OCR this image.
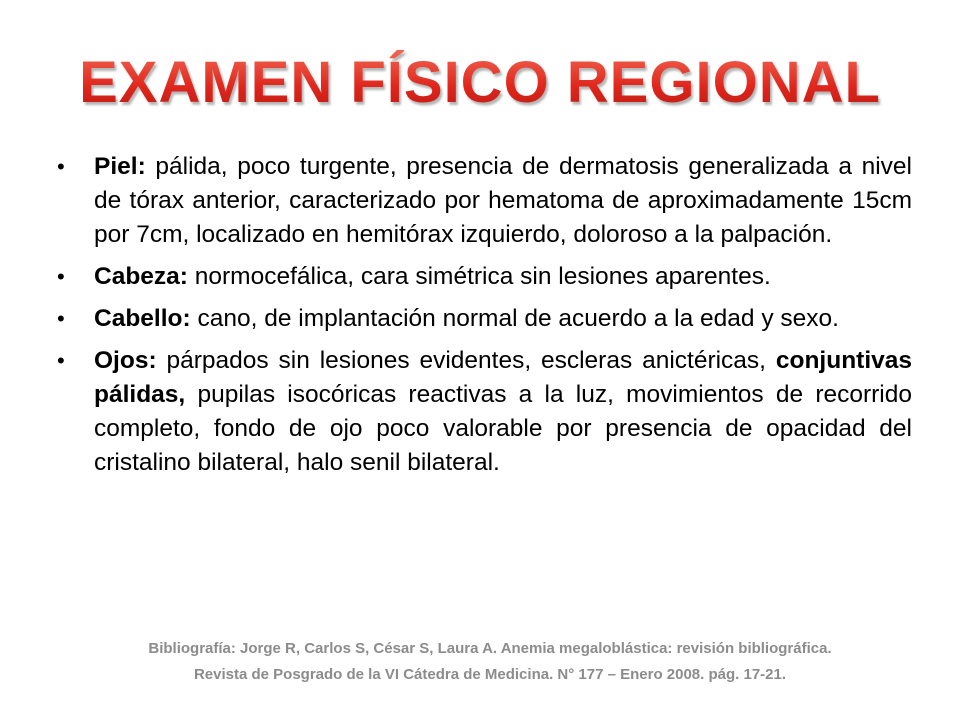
EXAMEN FÍSICO REGIONAL
• Piel: pálida, poco turgente, presencia de dermatosis generalizada a nivel de tórax anterior, caracterizado por hematoma de aproximadamente 15cm por 7cm, localizado en hemitórax izquierdo, doloroso a la palpación.
• Cabeza: normocefálica, cara simétrica sin lesiones aparentes.
• Cabello: cano, de implantación normal de acuerdo a la edad y sexo.
• Ojos: párpados sin lesiones evidentes, escleras anictéricas, conjuntivas pálidas, pupilas isocóricas reactivas a la luz, movimientos de recorrido completo, fondo de ojo poco valorable por presencia de opacidad del cristalino bilateral, halo senil bilateral.
Bibliografía: Jorge R, Carlos S, César S, Laura A. Anemia megaloblástica: revisión bibliográfica.
Revista de Posgrado de la VI Cátedra de Medicina. N° 177 – Enero 2008. pág. 17-21.
